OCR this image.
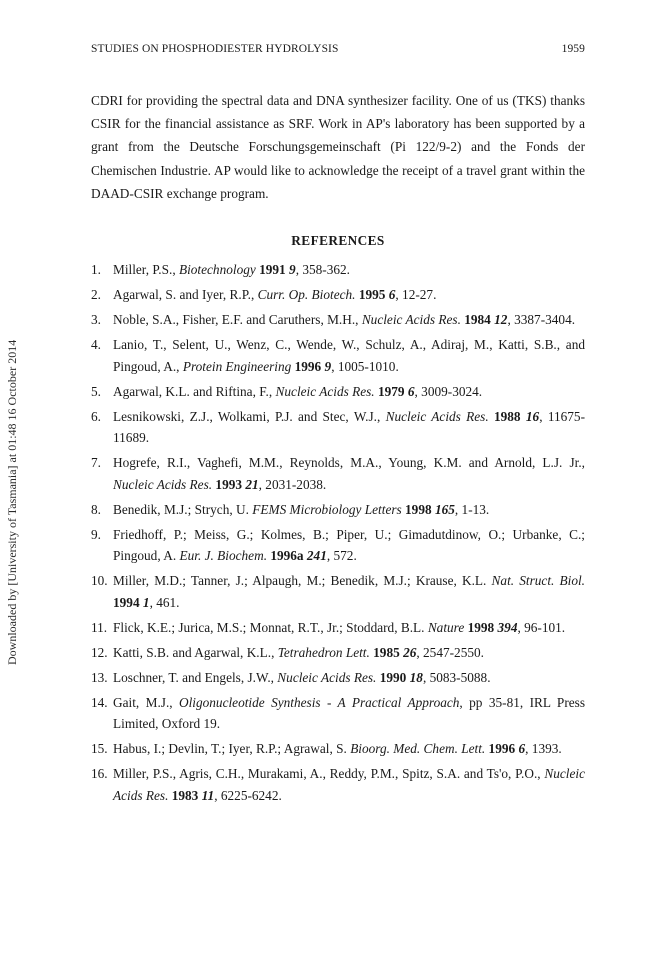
STUDIES ON PHOSPHODIESTER HYDROLYSIS	1959
Downloaded by [University of Tasmania] at 01:48 16 October 2014

CDRI for providing the spectral data and DNA synthesizer facility. One of us (TKS) thanks CSIR for the financial assistance as SRF. Work in AP's laboratory has been supported by a grant from the Deutsche Forschungsgemeinschaft (Pi 122/9-2) and the Fonds der Chemischen Industrie. AP would like to acknowledge the receipt of a travel grant within the DAAD-CSIR exchange program.

REFERENCES
1. Miller, P.S., Biotechnology 1991 9, 358-362.
2. Agarwal, S. and Iyer, R.P., Curr. Op. Biotech. 1995 6, 12-27.
3. Noble, S.A., Fisher, E.F. and Caruthers, M.H., Nucleic Acids Res. 1984 12, 3387-3404.
4. Lanio, T., Selent, U., Wenz, C., Wende, W., Schulz, A., Adiraj, M., Katti, S.B., and Pingoud, A., Protein Engineering 1996 9, 1005-1010.
5. Agarwal, K.L. and Riftina, F., Nucleic Acids Res. 1979 6, 3009-3024.
6. Lesnikowski, Z.J., Wolkami, P.J. and Stec, W.J., Nucleic Acids Res. 1988 16, 11675-11689.
7. Hogrefe, R.I., Vaghefi, M.M., Reynolds, M.A., Young, K.M. and Arnold, L.J. Jr., Nucleic Acids Res. 1993 21, 2031-2038.
8. Benedik, M.J.; Strych, U. FEMS Microbiology Letters 1998 165, 1-13.
9. Friedhoff, P.; Meiss, G.; Kolmes, B.; Piper, U.; Gimadutdinow, O.; Urbanke, C.; Pingoud, A. Eur. J. Biochem. 1996a 241, 572.
10. Miller, M.D.; Tanner, J.; Alpaugh, M.; Benedik, M.J.; Krause, K.L. Nat. Struct. Biol. 1994 1, 461.
11. Flick, K.E.; Jurica, M.S.; Monnat, R.T., Jr.; Stoddard, B.L. Nature 1998 394, 96-101.
12. Katti, S.B. and Agarwal, K.L., Tetrahedron Lett. 1985 26, 2547-2550.
13. Loschner, T. and Engels, J.W., Nucleic Acids Res. 1990 18, 5083-5088.
14. Gait, M.J., Oligonucleotide Synthesis - A Practical Approach, pp 35-81, IRL Press Limited, Oxford 19.
15. Habus, I.; Devlin, T.; Iyer, R.P.; Agrawal, S. Bioorg. Med. Chem. Lett. 1996 6, 1393.
16. Miller, P.S., Agris, C.H., Murakami, A., Reddy, P.M., Spitz, S.A. and Ts'o, P.O., Nucleic Acids Res. 1983 11, 6225-6242.
